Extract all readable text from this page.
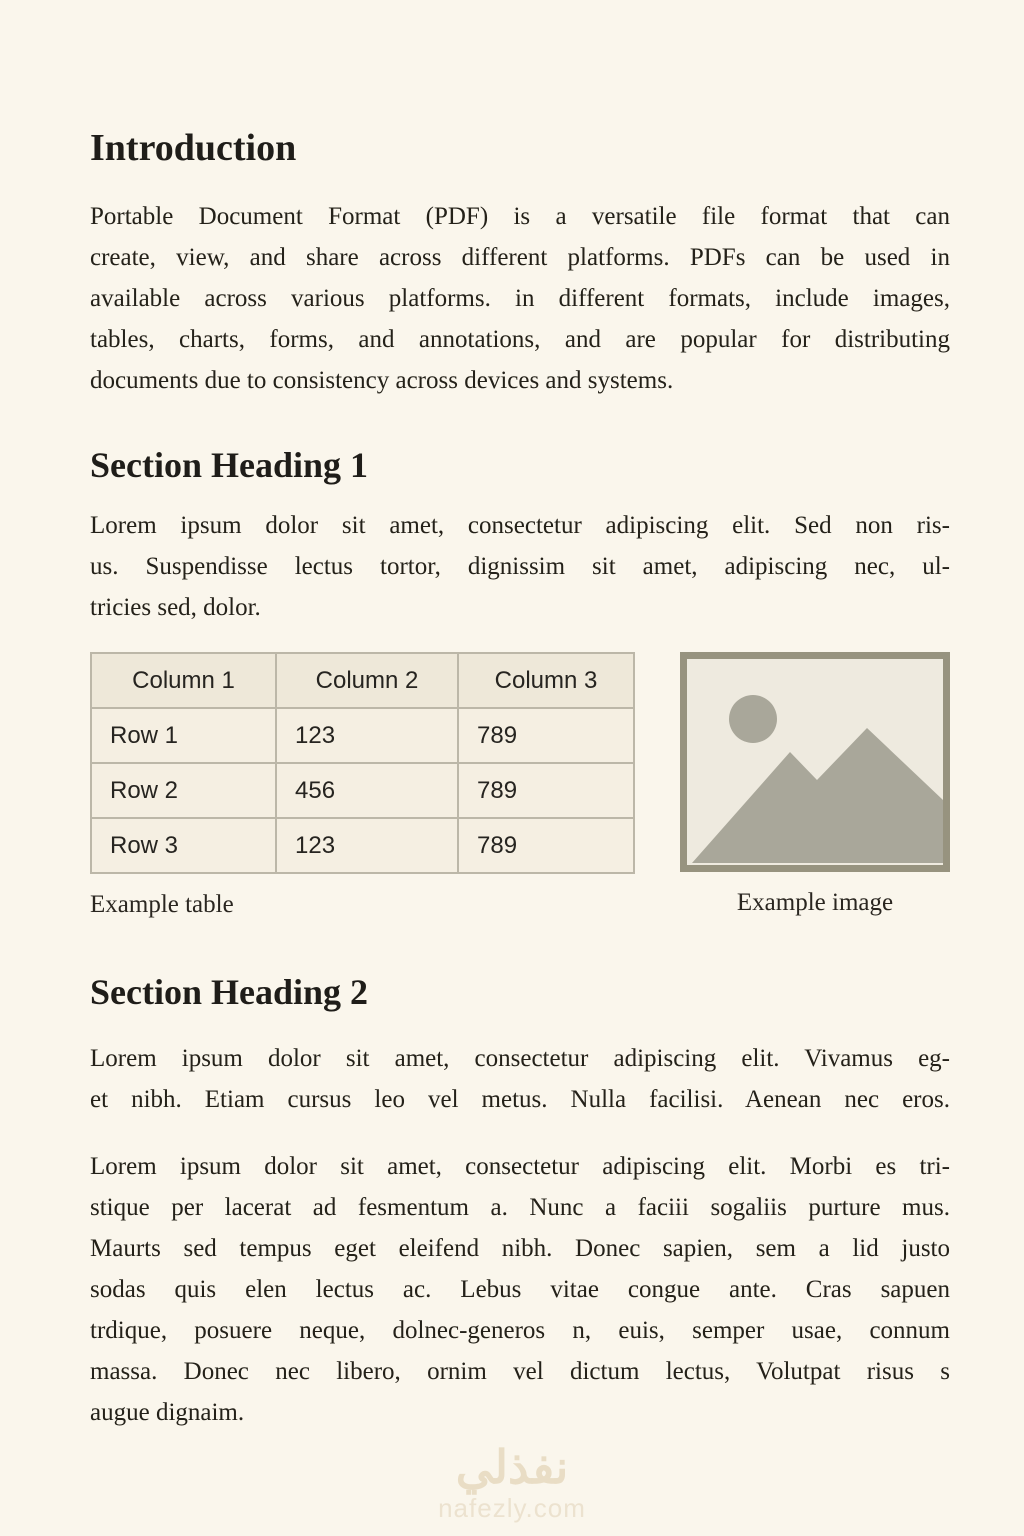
Introduction
Portable Document Format (PDF) is a versatile file format that can
create, view, and share across different platforms. PDFs can be used in
available across various platforms. in different formats, include images,
tables, charts, forms, and annotations, and are popular for distributing
documents due to consistency across devices and systems.
Section Heading 1
Lorem ipsum dolor sit amet, consectetur adipiscing elit. Sed non ris-
us. Suspendisse lectus tortor, dignissim sit amet, adipiscing nec, ul-
tricies sed, dolor.
Column 1	Column 2	Column 3
Row 1	123	789
Row 2	456	789
Row 3	123	789
Example table	Example image
Section Heading 2
Lorem ipsum dolor sit amet, consectetur adipiscing elit. Vivamus eg-
et nibh. Etiam cursus leo vel metus. Nulla facilisi. Aenean nec eros.
Lorem ipsum dolor sit amet, consectetur adipiscing elit. Morbi es tri-
stique per lacerat ad fesmentum a. Nunc a faciii sogaliis purture mus.
Maurts sed tempus eget eleifend nibh. Donec sapien, sem a lid justo
sodas quis elen lectus ac. Lebus vitae congue ante. Cras sapuen
trdique, posuere neque, dolnec-generos n, euis, semper usae, connum
massa. Donec nec libero, ornim vel dictum lectus, Volutpat risus s
augue dignaim.
نفذلي
nafezly.com
